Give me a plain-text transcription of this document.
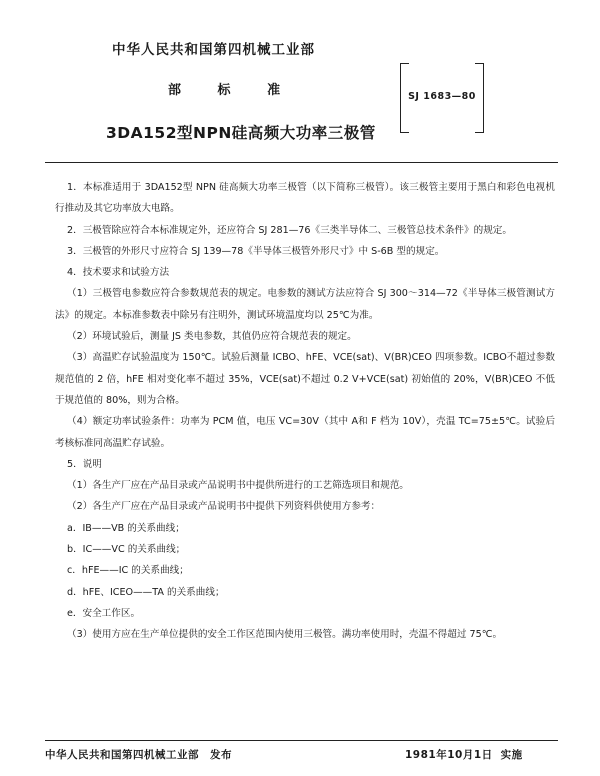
中华人民共和国第四机械工业部
部	标	准
3DA152型NPN硅高频大功率三极管
SJ 1683—80

1．本标准适用于 3DA152型 NPN 硅高频大功率三极管（以下简称三极管）。该三极管主要用于黑白和彩色电视机行推动及其它功率放大电路。

2．三极管除应符合本标准规定外，还应符合 SJ 281—76《三类半导体二、三极管总技术条件》的规定。

3．三极管的外形尺寸应符合 SJ 139—78《半导体三极管外形尺寸》中 S-6B 型的规定。

4．技术要求和试验方法

（1）三极管电参数应符合参数规范表的规定。电参数的测试方法应符合 SJ 300～314—72《半导体三极管测试方法》的规定。本标准参数表中除另有注明外，测试环境温度均以 25℃为准。

（2）环境试验后，测量 JS 类电参数，其值仍应符合规范表的规定。

（3）高温贮存试验温度为 150℃。试验后测量 ICBO、hFE、VCE(sat)、V(BR)CEO 四项参数。ICBO不超过参数规范值的 2 倍，hFE 相对变化率不超过 35%，VCE(sat)不超过 0.2 V+VCE(sat) 初始值的 20%，V(BR)CEO 不低于规范值的 80%，则为合格。

（4）额定功率试验条件：功率为 PCM 值，电压 VC=30V（其中 A和 F 档为 10V），壳温 TC=75±5℃。试验后考核标准同高温贮存试验。

5．说明

（1）各生产厂应在产品目录或产品说明书中提供所进行的工艺筛选项目和规范。

（2）各生产厂应在产品目录或产品说明书中提供下列资料供使用方参考：

a．IB——VB 的关系曲线；

b．IC——VC 的关系曲线；

c．hFE——IC 的关系曲线；

d．hFE、ICEO——TA 的关系曲线；

e．安全工作区。

（3）使用方应在生产单位提供的安全工作区范围内使用三极管。满功率使用时，壳温不得超过 75℃。

中华人民共和国第四机械工业部　发布	1981年10月1日 实施
